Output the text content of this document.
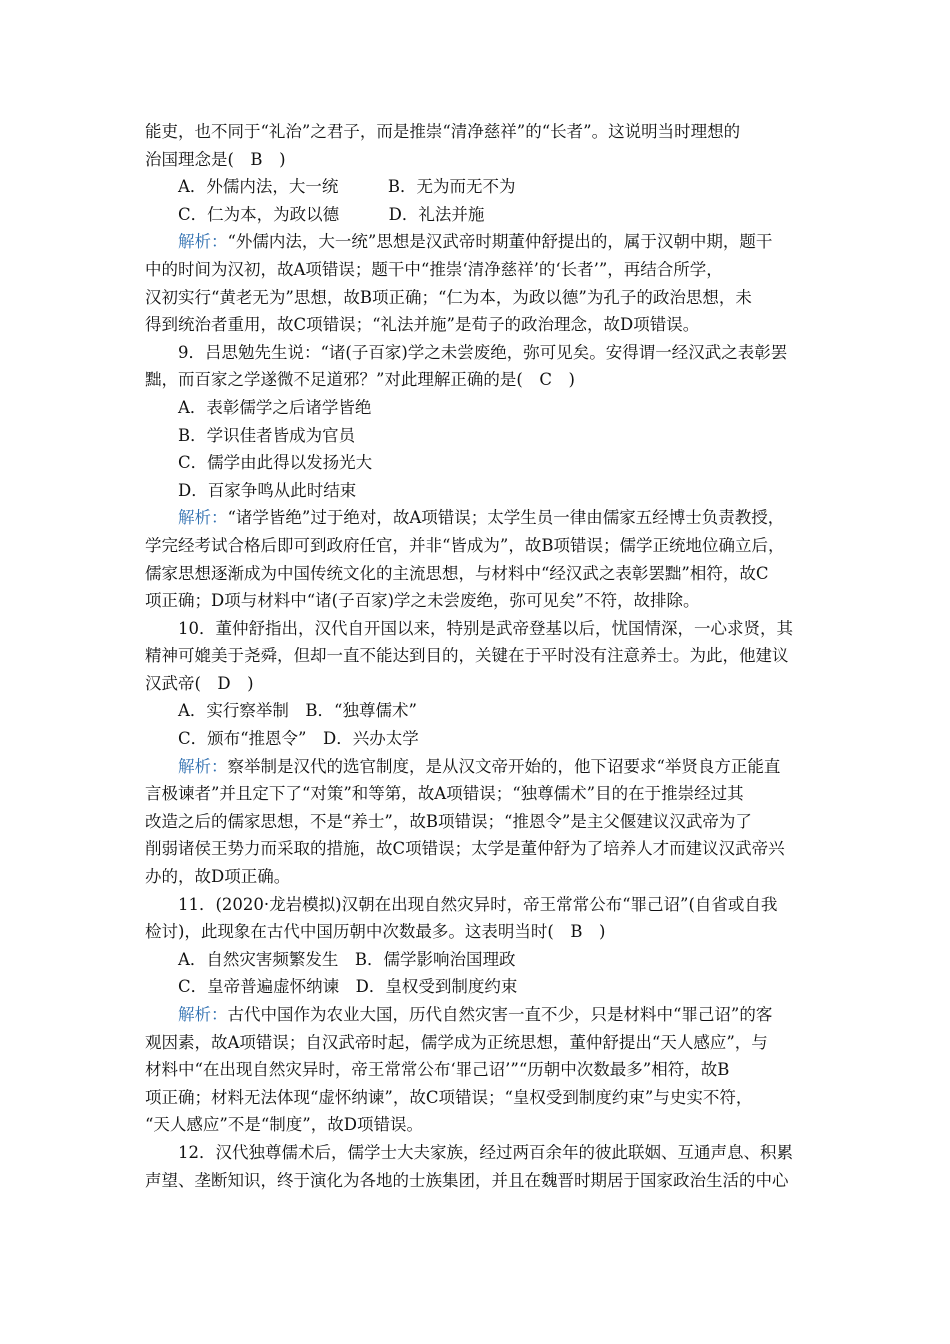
能吏，也不同于“礼治”之君子，而是推崇“清净慈祥”的“长者”。这说明当时理想的
治国理念是(　B　)
A．外儒内法，大一统　　　B．无为而无不为
C．仁为本，为政以德　　　D．礼法并施
解析：“外儒内法，大一统”思想是汉武帝时期董仲舒提出的，属于汉朝中期，题干
中的时间为汉初，故A项错误；题干中“推崇‘清净慈祥’的‘长者’”，再结合所学，
汉初实行“黄老无为”思想，故B项正确；“仁为本，为政以德”为孔子的政治思想，未
得到统治者重用，故C项错误；“礼法并施”是荀子的政治理念，故D项错误。
9．吕思勉先生说：“诸(子百家)学之未尝废绝，弥可见矣。安得谓一经汉武之表彰罢
黜，而百家之学遂微不足道邪？”对此理解正确的是(　C　)
A．表彰儒学之后诸学皆绝
B．学识佳者皆成为官员
C．儒学由此得以发扬光大
D．百家争鸣从此时结束
解析：“诸学皆绝”过于绝对，故A项错误；太学生员一律由儒家五经博士负责教授，
学完经考试合格后即可到政府任官，并非“皆成为”，故B项错误；儒学正统地位确立后，
儒家思想逐渐成为中国传统文化的主流思想，与材料中“经汉武之表彰罢黜”相符，故C
项正确；D项与材料中“诸(子百家)学之未尝废绝，弥可见矣”不符，故排除。
10．董仲舒指出，汉代自开国以来，特别是武帝登基以后，忧国情深，一心求贤，其
精神可媲美于尧舜，但却一直不能达到目的，关键在于平时没有注意养士。为此，他建议
汉武帝(　D　)
A．实行察举制　B．“独尊儒术”
C．颁布“推恩令”　D．兴办太学
解析：察举制是汉代的选官制度，是从汉文帝开始的，他下诏要求“举贤良方正能直
言极谏者”并且定下了“对策”和等第，故A项错误；“独尊儒术”目的在于推崇经过其
改造之后的儒家思想，不是“养士”，故B项错误；“推恩令”是主父偃建议汉武帝为了
削弱诸侯王势力而采取的措施，故C项错误；太学是董仲舒为了培养人才而建议汉武帝兴
办的，故D项正确。
11．(2020·龙岩模拟)汉朝在出现自然灾异时，帝王常常公布“罪己诏”(自省或自我
检讨)，此现象在古代中国历朝中次数最多。这表明当时(　B　)
A．自然灾害频繁发生　B．儒学影响治国理政
C．皇帝普遍虚怀纳谏　D．皇权受到制度约束
解析：古代中国作为农业大国，历代自然灾害一直不少，只是材料中“罪己诏”的客
观因素，故A项错误；自汉武帝时起，儒学成为正统思想，董仲舒提出“天人感应”，与
材料中“在出现自然灾异时，帝王常常公布‘罪己诏’”“历朝中次数最多”相符，故B
项正确；材料无法体现“虚怀纳谏”，故C项错误；“皇权受到制度约束”与史实不符，
“天人感应”不是“制度”，故D项错误。
12．汉代独尊儒术后，儒学士大夫家族，经过两百余年的彼此联姻、互通声息、积累
声望、垄断知识，终于演化为各地的士族集团，并且在魏晋时期居于国家政治生活的中心
